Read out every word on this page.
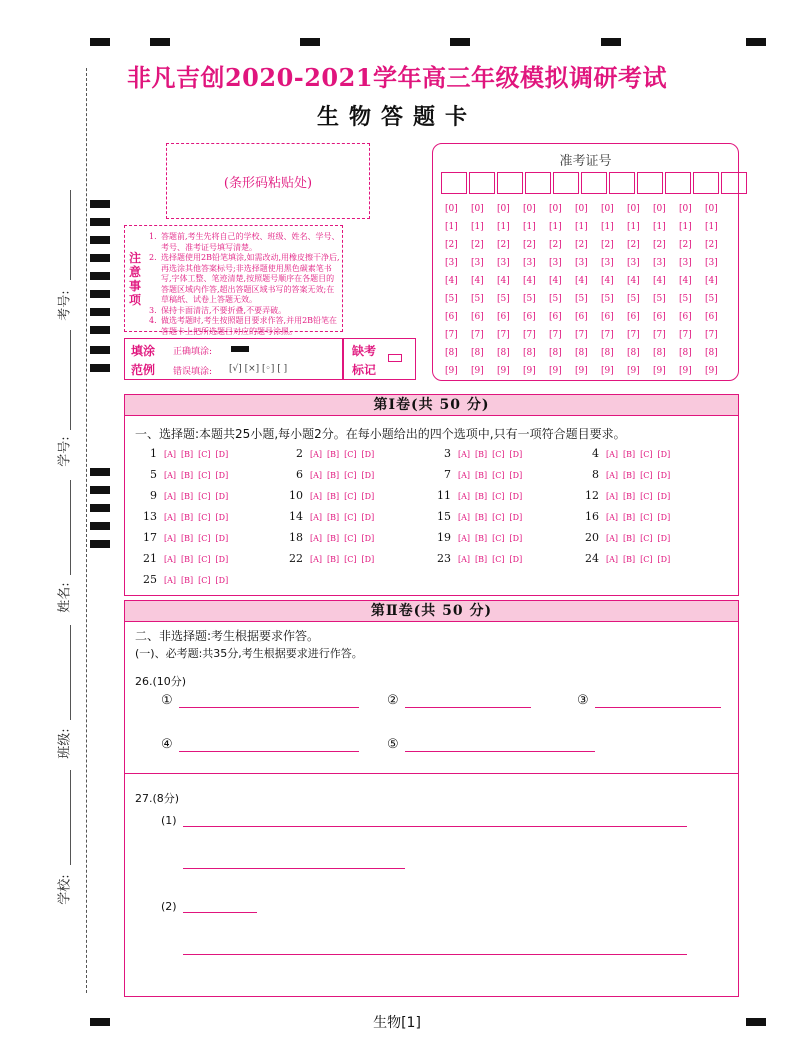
考号:
学号:
姓名:
班级:
学校:
非凡吉创2020-2021学年高三年级模拟调研考试
生物答题卡
(条形码粘贴处)
准考证号
[0]	[0]	[0]	[0]	[0]	[0]	[0]	[0]	[0]	[0]	[0]
[1]	[1]	[1]	[1]	[1]	[1]	[1]	[1]	[1]	[1]	[1]
[2]	[2]	[2]	[2]	[2]	[2]	[2]	[2]	[2]	[2]	[2]
[3]	[3]	[3]	[3]	[3]	[3]	[3]	[3]	[3]	[3]	[3]
[4]	[4]	[4]	[4]	[4]	[4]	[4]	[4]	[4]	[4]	[4]
[5]	[5]	[5]	[5]	[5]	[5]	[5]	[5]	[5]	[5]	[5]
[6]	[6]	[6]	[6]	[6]	[6]	[6]	[6]	[6]	[6]	[6]
[7]	[7]	[7]	[7]	[7]	[7]	[7]	[7]	[7]	[7]	[7]
[8]	[8]	[8]	[8]	[8]	[8]	[8]	[8]	[8]	[8]	[8]
[9]	[9]	[9]	[9]	[9]	[9]	[9]	[9]	[9]	[9]	[9]
注意事项
1. 答题前,考生先将自己的学校、班级、姓名、学号、考号、准考证号填写清楚。
2. 选择题使用2B铅笔填涂,如需改动,用橡皮擦干净后,再选涂其他答案标号;非选择题使用黑色碳素笔书写,字体工整、笔迹清楚,按照题号顺序在各题目的答题区域内作答,超出答题区域书写的答案无效;在草稿纸、试卷上答题无效。
3. 保持卡面清洁,不要折叠,不要弄破。
4. 做选考题时,考生按照题目要求作答,并用2B铅笔在答题卡上把所选题目对应的题号涂黑。
填涂
范例
正确填涂:
错误填涂: [√] [×] [◦] [ ]
缺考
标记
第Ⅰ卷(共 50 分)
一、选择题:本题共25小题,每小题2分。在每小题给出的四个选项中,只有一项符合题目要求。
1 [A] [B] [C] [D]	2 [A] [B] [C] [D]	3 [A] [B] [C] [D]	4 [A] [B] [C] [D]
5 [A] [B] [C] [D]	6 [A] [B] [C] [D]	7 [A] [B] [C] [D]	8 [A] [B] [C] [D]
9 [A] [B] [C] [D]	10 [A] [B] [C] [D]	11 [A] [B] [C] [D]	12 [A] [B] [C] [D]
13 [A] [B] [C] [D]	14 [A] [B] [C] [D]	15 [A] [B] [C] [D]	16 [A] [B] [C] [D]
17 [A] [B] [C] [D]	18 [A] [B] [C] [D]	19 [A] [B] [C] [D]	20 [A] [B] [C] [D]
21 [A] [B] [C] [D]	22 [A] [B] [C] [D]	23 [A] [B] [C] [D]	24 [A] [B] [C] [D]
25 [A] [B] [C] [D]
第Ⅱ卷(共 50 分)
二、非选择题:考生根据要求作答。
(一)、必考题:共35分,考生根据要求进行作答。
26.(10分)
①	②	③
④	⑤
27.(8分)
(1)
(2)
生物[1]
